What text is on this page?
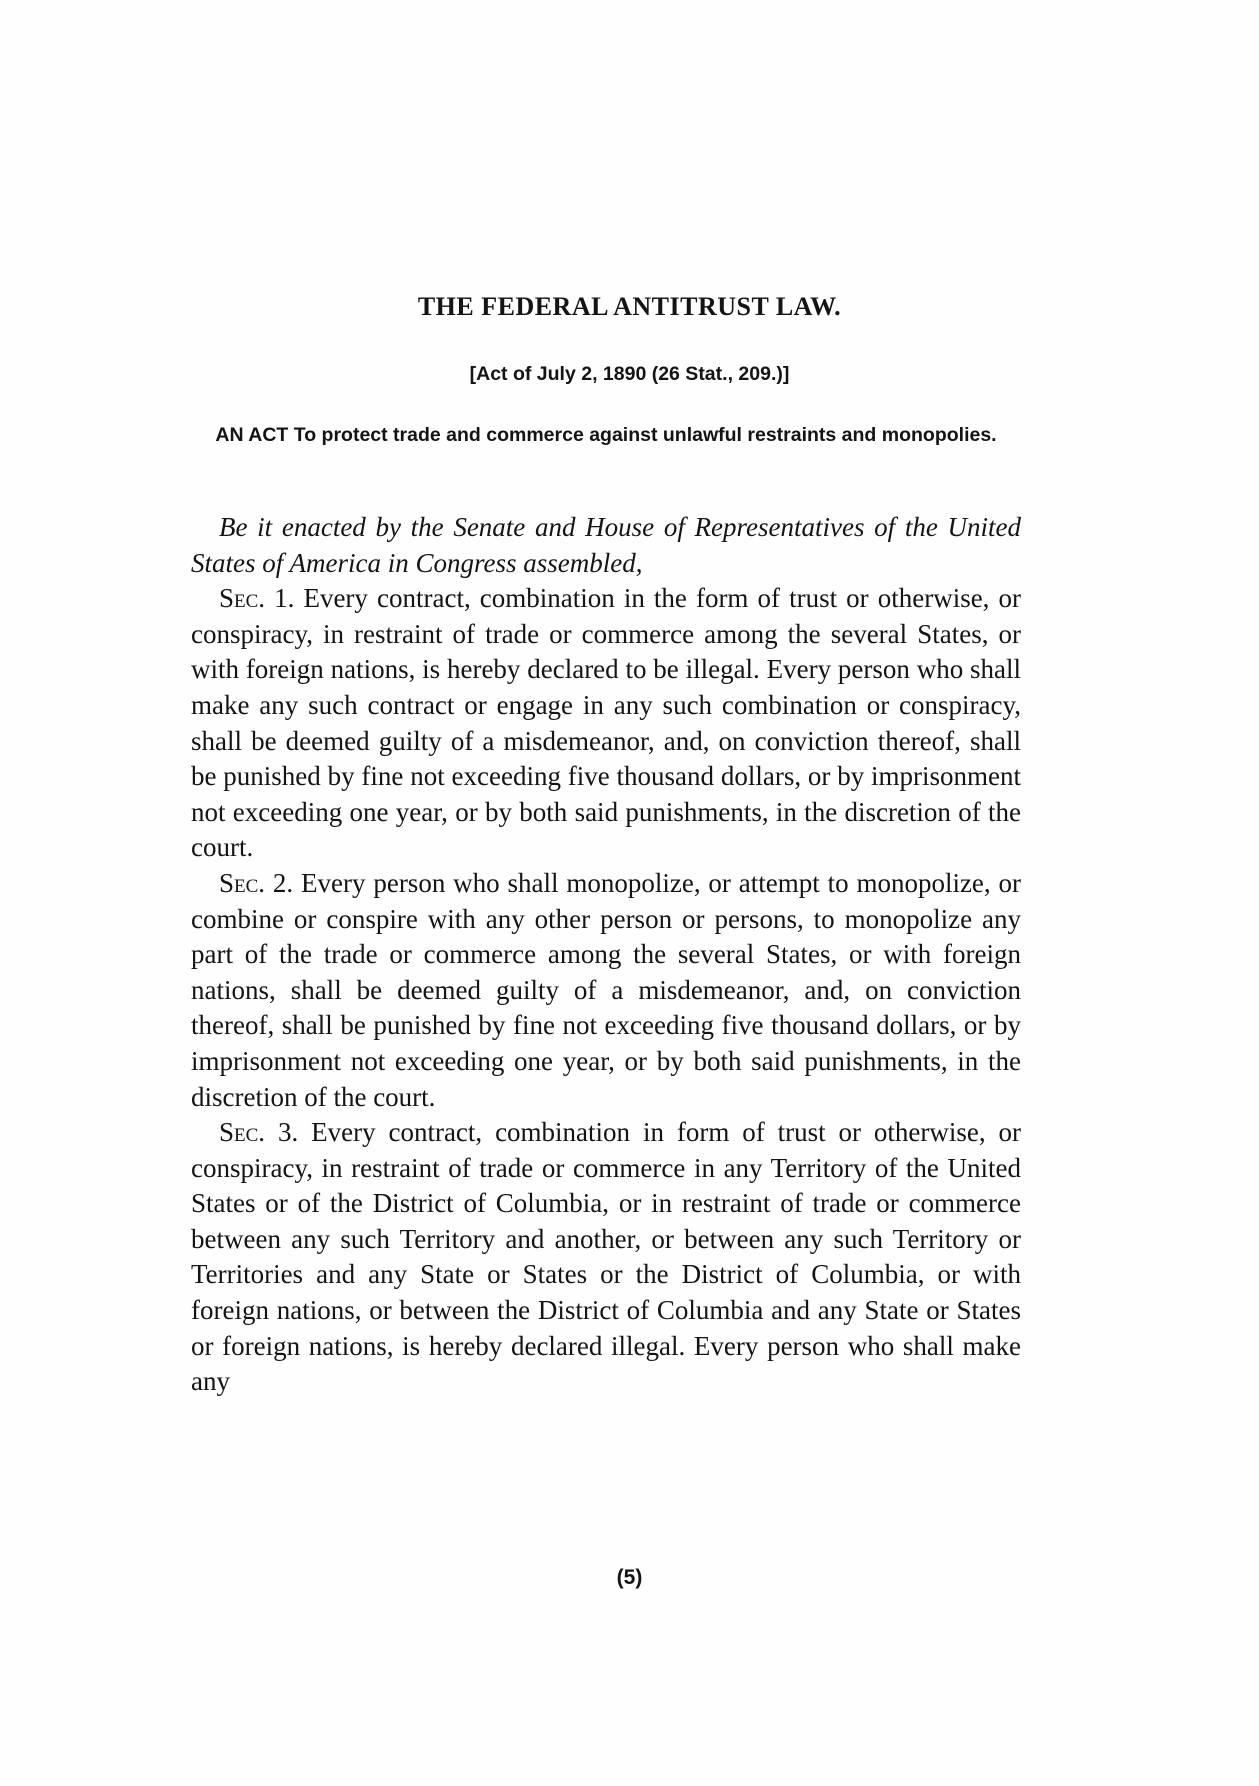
THE FEDERAL ANTITRUST LAW.
[Act of July 2, 1890 (26 Stat., 209.)]
AN ACT To protect trade and commerce against unlawful restraints and monopolies.

Be it enacted by the Senate and House of Representatives of the United States of America in Congress assembled,

Sec. 1. Every contract, combination in the form of trust or otherwise, or conspiracy, in restraint of trade or commerce among the several States, or with foreign nations, is hereby declared to be illegal. Every person who shall make any such contract or engage in any such combination or conspiracy, shall be deemed guilty of a misdemeanor, and, on conviction thereof, shall be punished by fine not exceeding five thousand dollars, or by imprisonment not exceeding one year, or by both said punishments, in the discretion of the court.

Sec. 2. Every person who shall monopolize, or attempt to monopolize, or combine or conspire with any other person or persons, to monopolize any part of the trade or commerce among the several States, or with foreign nations, shall be deemed guilty of a misdemeanor, and, on conviction thereof, shall be punished by fine not exceeding five thousand dollars, or by imprisonment not exceeding one year, or by both said punishments, in the discretion of the court.

Sec. 3. Every contract, combination in form of trust or otherwise, or conspiracy, in restraint of trade or commerce in any Territory of the United States or of the District of Columbia, or in restraint of trade or commerce between any such Territory and another, or between any such Territory or Territories and any State or States or the District of Columbia, or with foreign nations, or between the District of Columbia and any State or States or foreign nations, is hereby declared illegal. Every person who shall make any

(5)
